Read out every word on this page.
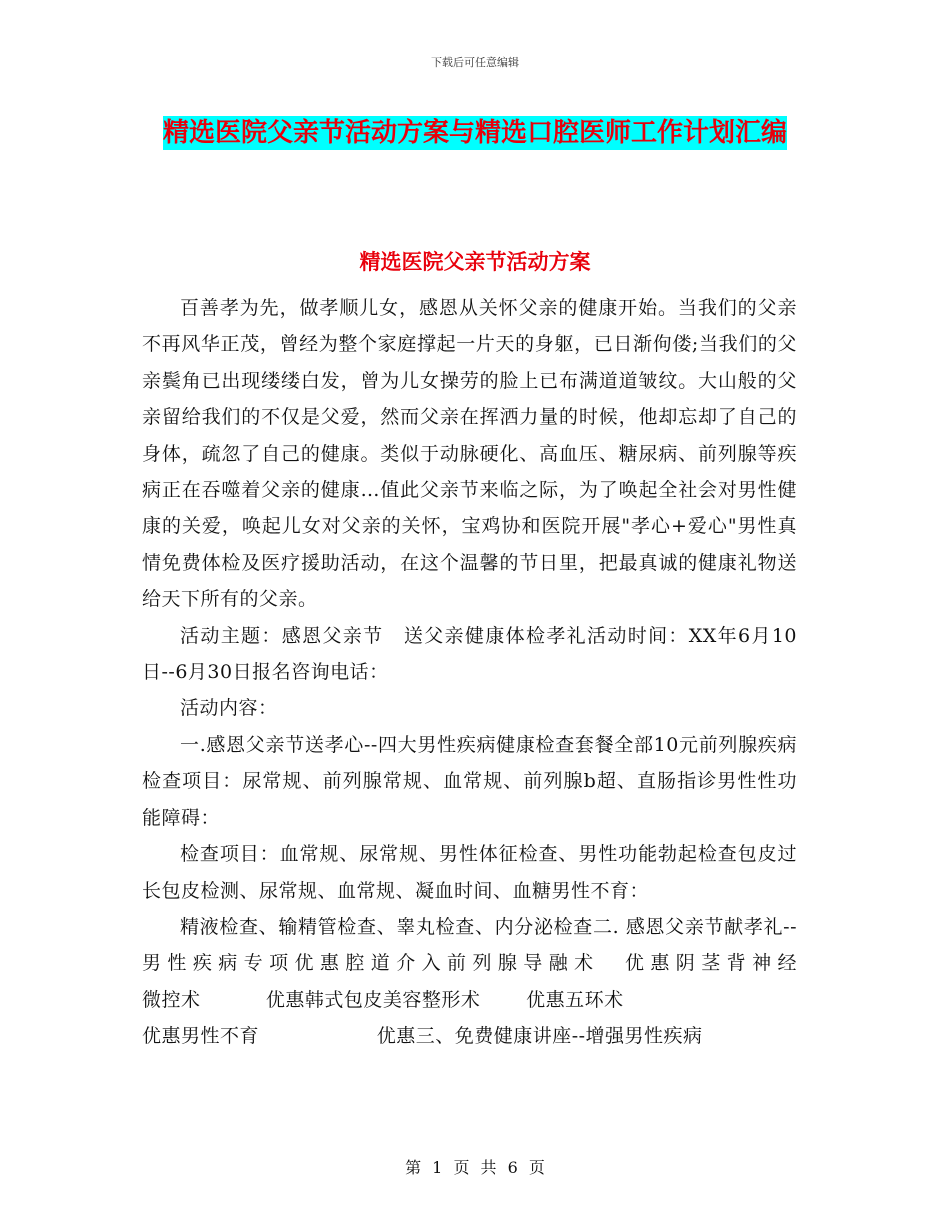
下载后可任意编辑
精选医院父亲节活动方案与精选口腔医师工作计划汇编
精选医院父亲节活动方案

百善孝为先，做孝顺儿女，感恩从关怀父亲的健康开始。当我们的父亲不再风华正茂，曾经为整个家庭撑起一片天的身躯，已日渐佝偻;当我们的父亲鬓角已出现缕缕白发，曾为儿女操劳的脸上已布满道道皱纹。大山般的父亲留给我们的不仅是父爱，然而父亲在挥洒力量的时候，他却忘却了自己的身体，疏忽了自己的健康。类似于动脉硬化、高血压、糖尿病、前列腺等疾病正在吞噬着父亲的健康…值此父亲节来临之际，为了唤起全社会对男性健康的关爱，唤起儿女对父亲的关怀，宝鸡协和医院开展"孝心+爱心"男性真情免费体检及医疗援助活动，在这个温馨的节日里，把最真诚的健康礼物送给天下所有的父亲。

活动主题：感恩父亲节　送父亲健康体检孝礼活动时间：XX年6月10日--6月30日报名咨询电话：

活动内容：

一.感恩父亲节送孝心--四大男性疾病健康检查套餐全部10元前列腺疾病检查项目：尿常规、前列腺常规、血常规、前列腺b超、直肠指诊男性性功能障碍：

检查项目：血常规、尿常规、男性体征检查、男性功能勃起检查包皮过长包皮检测、尿常规、血常规、凝血时间、血糖男性不育：

精液检查、输精管检查、睾丸检查、内分泌检查二. 感恩父亲节献孝礼--男性疾病专项优惠腔道介入前列腺导融术　优惠阴茎背神经微控术          优惠韩式包皮美容整形术       优惠五环术

优惠男性不育                  优惠三、免费健康讲座--增强男性疾病

第 1 页 共 6 页
